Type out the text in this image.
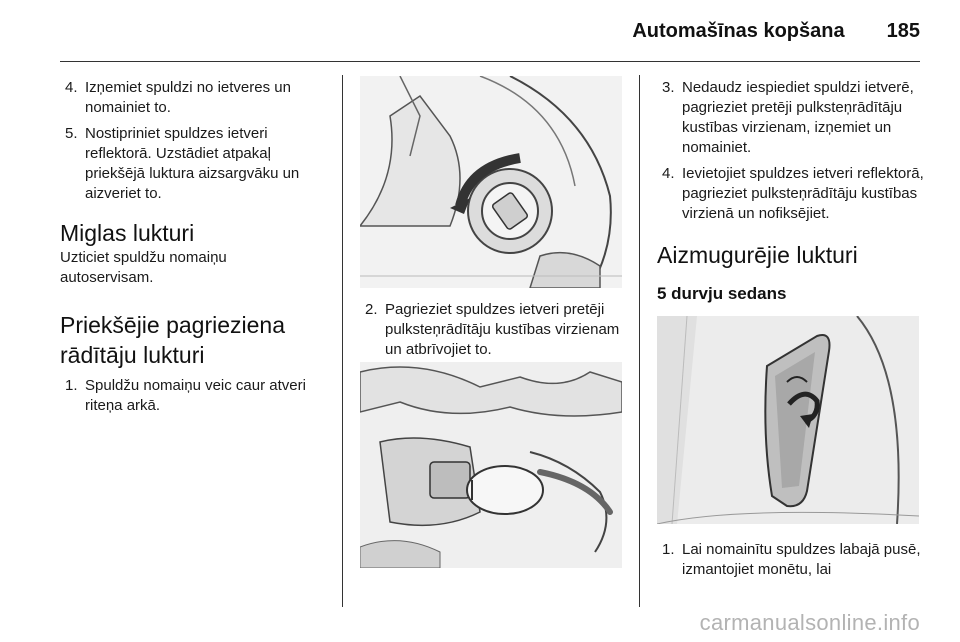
Automašīnas kopšana 185
4. Izņemiet spuldzi no ietveres un nomainiet to.
5. Nostipriniet spuldzes ietveri reflektorā. Uzstādiet atpakaļ priekšējā luktura aizsargvāku un aizveriet to.
Miglas lukturi

Uzticiet spuldžu nomaiņu autoservisam.

Priekšējie pagrieziena rādītāju lukturi
1. Spuldžu nomaiņu veic caur atveri riteņa arkā.
2. Pagrieziet spuldzes ietveri pretēji pulksteņrādītāju kustības virzienam un atbrīvojiet to.
3. Nedaudz iespiediet spuldzi ietverē, pagrieziet pretēji pulksteņrādītāju kustības virzienam, izņemiet un nomainiet.
4. Ievietojiet spuldzes ietveri reflektorā, pagrieziet pulksteņrādītāju kustības virzienā un nofiksējiet.
Aizmugurējie lukturi
5 durvju sedans
1. Lai nomainītu spuldzes labajā pusē, izmantojiet monētu, lai
carmanualsonline.info
